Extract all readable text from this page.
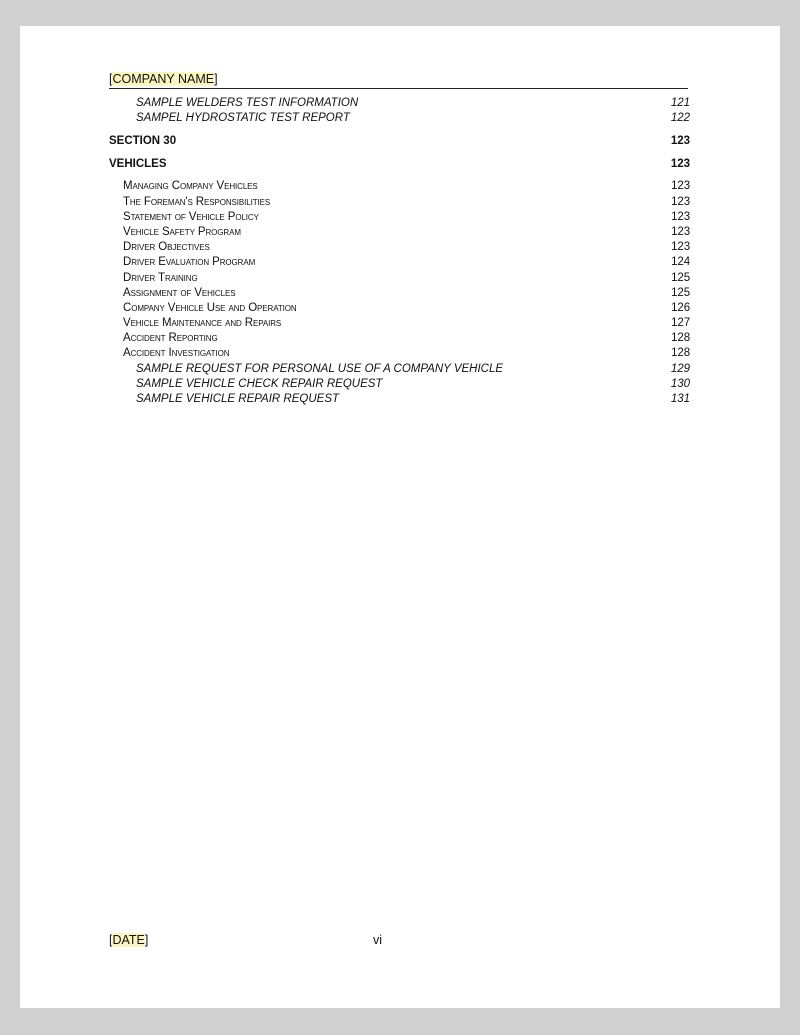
[COMPANY NAME]
SAMPLE WELDERS TEST INFORMATION	121
SAMPEL HYDROSTATIC TEST REPORT	122
SECTION 30	123
VEHICLES	123
Managing Company Vehicles	123
The Foreman's Responsibilities	123
Statement of Vehicle Policy	123
Vehicle Safety Program	123
Driver Objectives	123
Driver Evaluation Program	124
Driver Training	125
Assignment of Vehicles	125
Company Vehicle Use and Operation	126
Vehicle Maintenance and Repairs	127
Accident Reporting	128
Accident Investigation	128
SAMPLE REQUEST FOR PERSONAL USE OF A COMPANY VEHICLE	129
SAMPLE VEHICLE CHECK REPAIR REQUEST	130
SAMPLE VEHICLE REPAIR REQUEST	131
[DATE]	vi
